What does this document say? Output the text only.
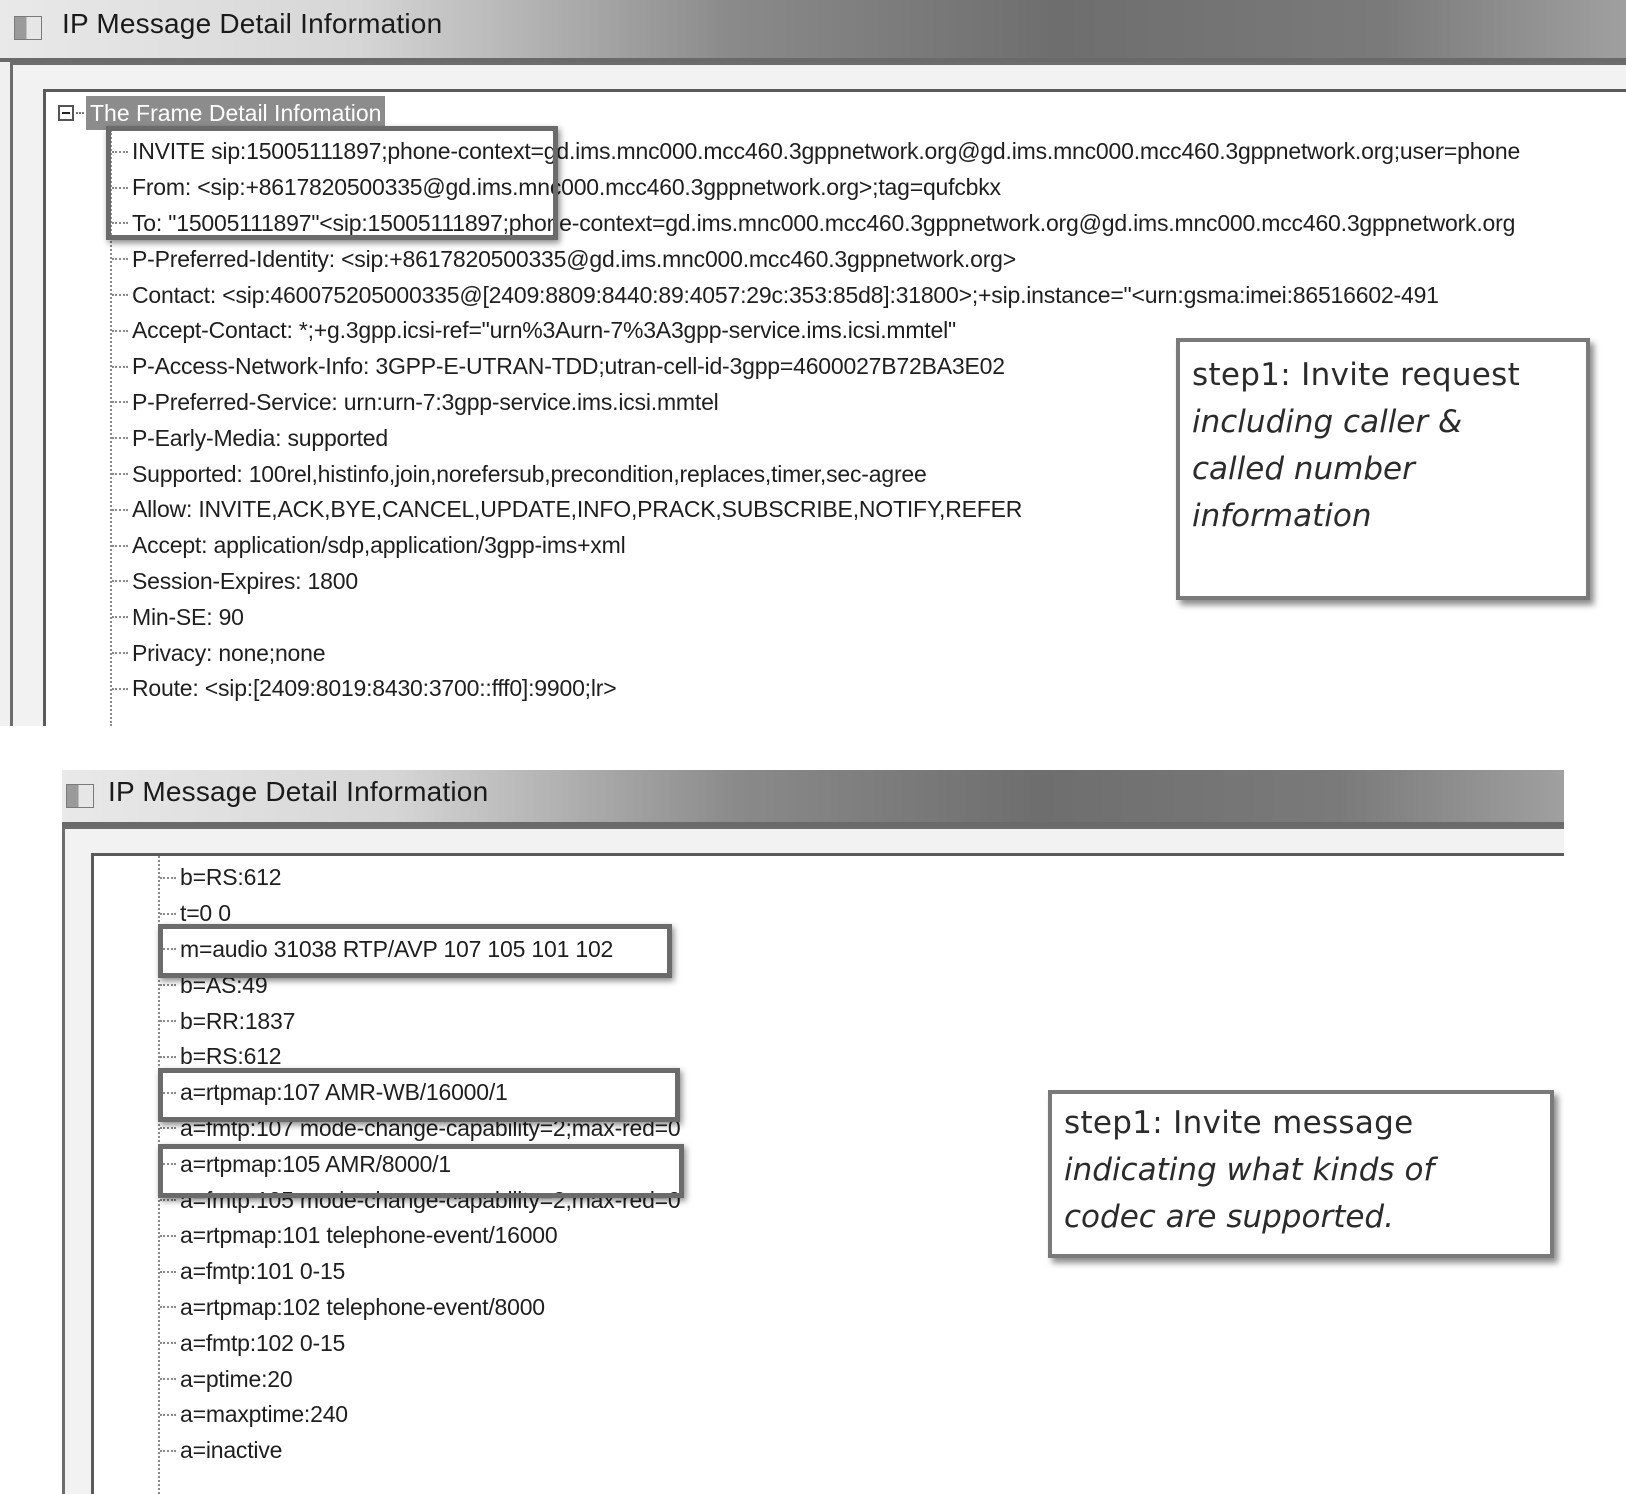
IP Message Detail Information
The Frame Detail Infomation
INVITE sip:15005111897;phone-context=gd.ims.mnc000.mcc460.3gppnetwork.org@gd.ims.mnc000.mcc460.3gppnetwork.org;user=phone
From: <sip:+8617820500335@gd.ims.mnc000.mcc460.3gppnetwork.org>;tag=qufcbkx
To: "15005111897"<sip:15005111897;phone-context=gd.ims.mnc000.mcc460.3gppnetwork.org@gd.ims.mnc000.mcc460.3gppnetwork.org
P-Preferred-Identity: <sip:+8617820500335@gd.ims.mnc000.mcc460.3gppnetwork.org>
Contact: <sip:460075205000335@[2409:8809:8440:89:4057:29c:353:85d8]:31800>;+sip.instance="<urn:gsma:imei:86516602-491
Accept-Contact: *;+g.3gpp.icsi-ref="urn%3Aurn-7%3A3gpp-service.ims.icsi.mmtel"
P-Access-Network-Info: 3GPP-E-UTRAN-TDD;utran-cell-id-3gpp=4600027B72BA3E02
P-Preferred-Service: urn:urn-7:3gpp-service.ims.icsi.mmtel
P-Early-Media: supported
Supported: 100rel,histinfo,join,norefersub,precondition,replaces,timer,sec-agree
Allow: INVITE,ACK,BYE,CANCEL,UPDATE,INFO,PRACK,SUBSCRIBE,NOTIFY,REFER
Accept: application/sdp,application/3gpp-ims+xml
Session-Expires: 1800
Min-SE: 90
Privacy: none;none
Route: <sip:[2409:8019:8430:3700::fff0]:9900;lr>
step1: Invite request
including caller &
called number
information
IP Message Detail Information
b=RS:612
t=0 0
m=audio 31038 RTP/AVP 107 105 101 102
b=AS:49
b=RR:1837
b=RS:612
a=rtpmap:107 AMR-WB/16000/1
a=fmtp:107 mode-change-capability=2;max-red=0
a=rtpmap:105 AMR/8000/1
a=fmtp:105 mode-change-capability=2;max-red=0
a=rtpmap:101 telephone-event/16000
a=fmtp:101 0-15
a=rtpmap:102 telephone-event/8000
a=fmtp:102 0-15
a=ptime:20
a=maxptime:240
a=inactive
step1: Invite message
indicating what kinds of
codec are supported.
